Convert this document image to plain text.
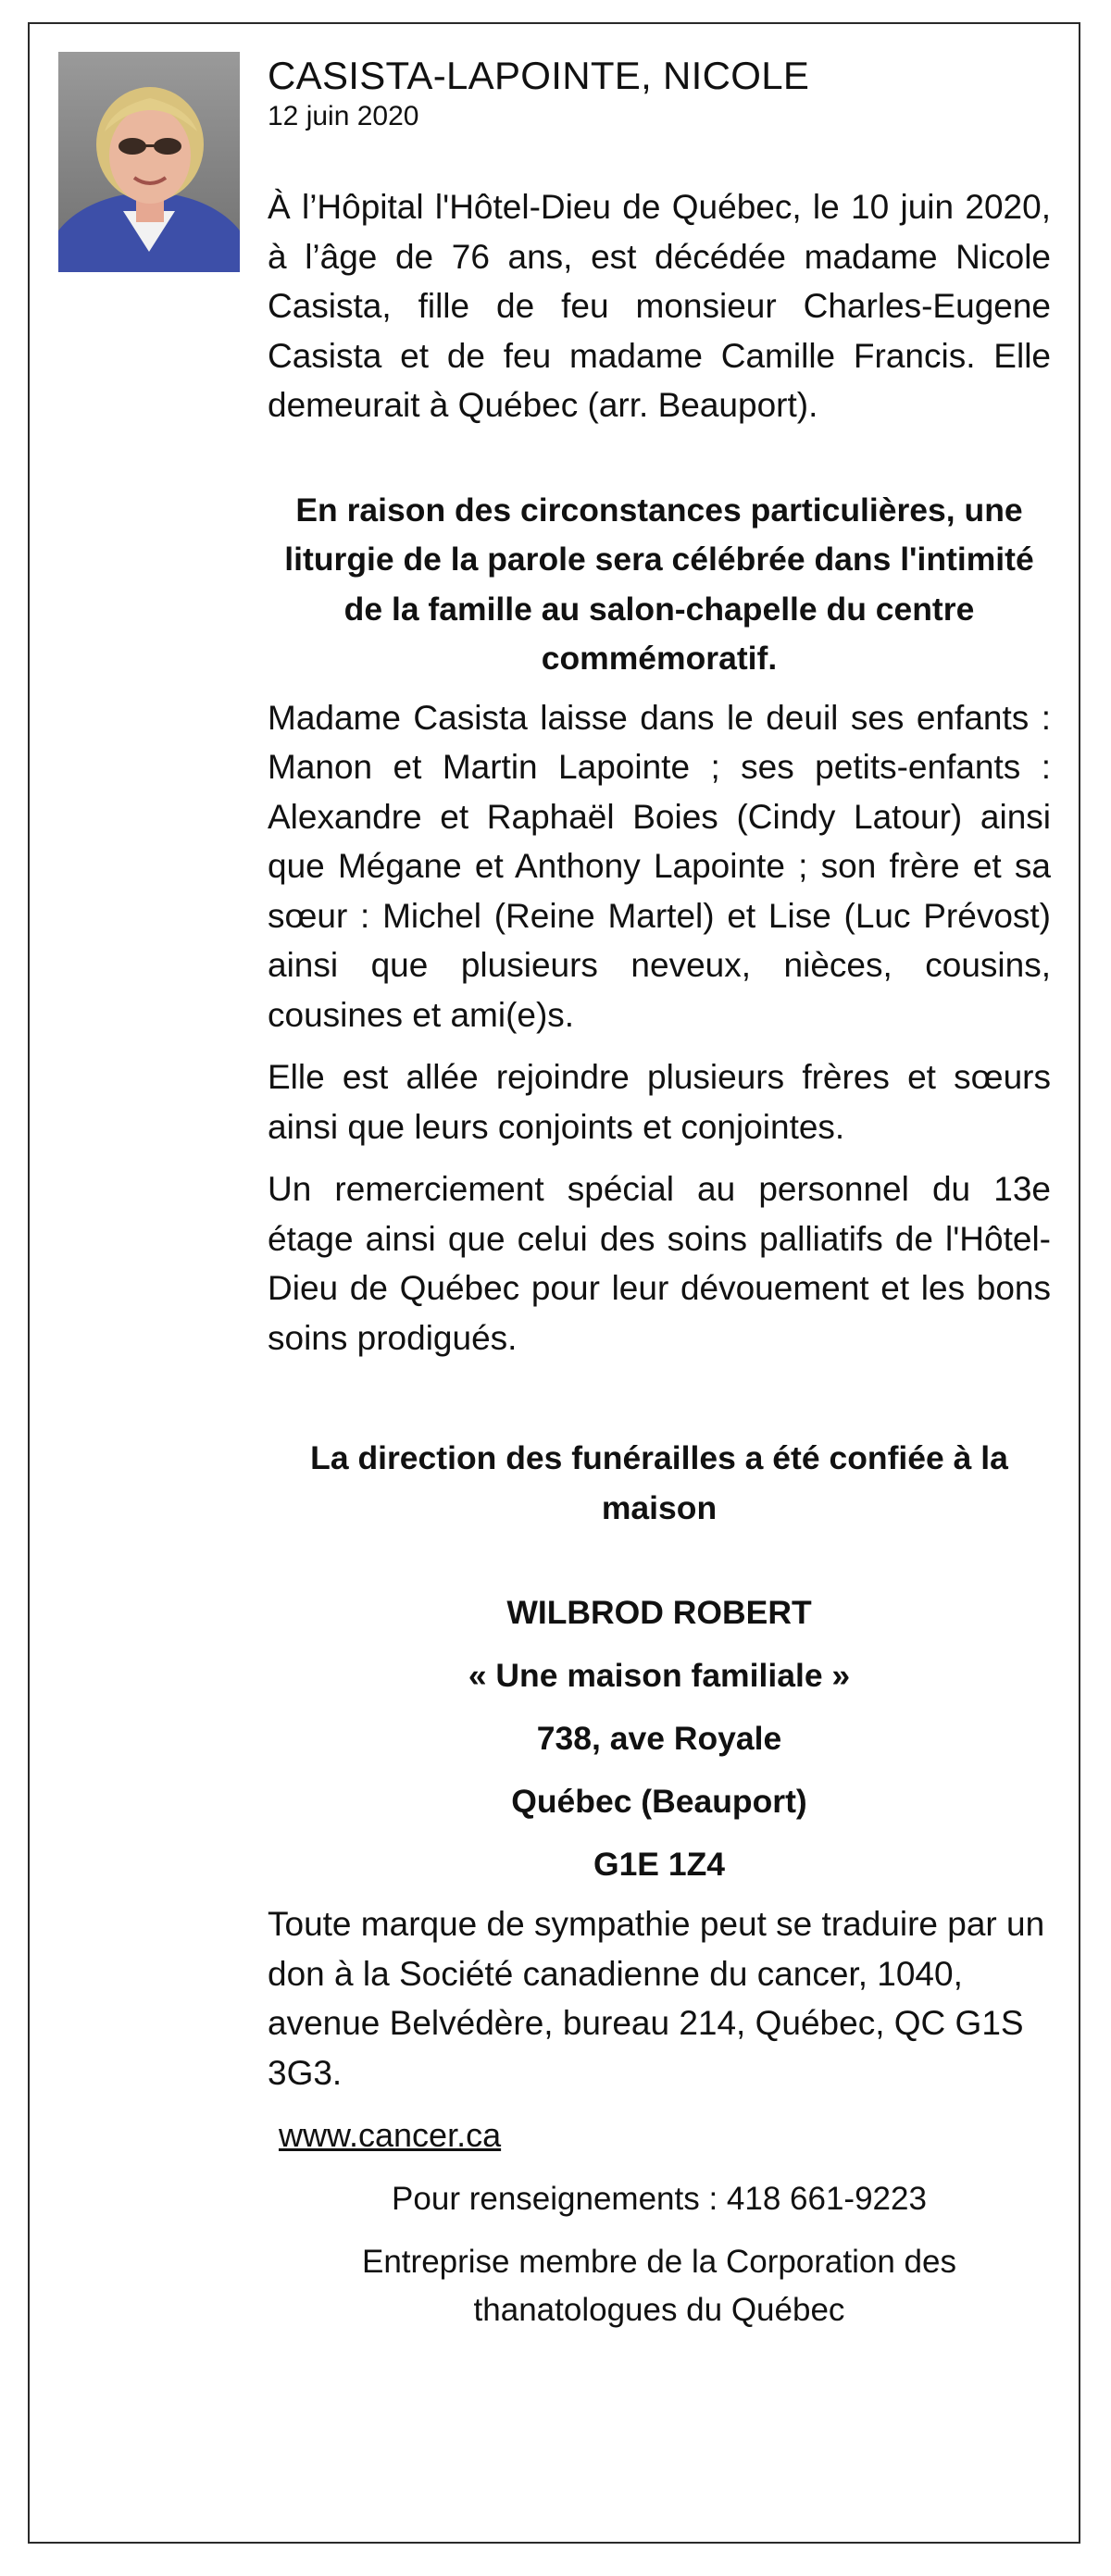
CASISTA-LAPOINTE, NICOLE

12 juin 2020

À l’Hôpital l'Hôtel-Dieu de Québec, le 10 juin 2020, à l’âge de 76 ans, est décédée madame Nicole Casista, fille de feu monsieur Charles-Eugene Casista et de feu madame Camille Francis. Elle demeurait à Québec (arr. Beauport).

En raison des circonstances particulières, une liturgie de la parole sera célébrée dans l'intimité de la famille au salon-chapelle du centre commémoratif.

Madame Casista laisse dans le deuil ses enfants : Manon et Martin Lapointe ; ses petits-enfants : Alexandre et Raphaël Boies (Cindy Latour) ainsi que Mégane et Anthony Lapointe ; son frère et sa sœur : Michel (Reine Martel) et Lise (Luc Prévost) ainsi que plusieurs neveux, nièces, cousins, cousines et ami(e)s.

Elle est allée rejoindre plusieurs frères et sœurs ainsi que leurs conjoints et conjointes.

Un remerciement spécial au personnel du 13e étage ainsi que celui des soins palliatifs de l'Hôtel-Dieu de Québec pour leur dévouement et les bons soins prodigués.

La direction des funérailles a été confiée à la maison

WILBROD ROBERT

« Une maison familiale »

738, ave Royale

Québec (Beauport)

G1E 1Z4

Toute marque de sympathie peut se traduire par un don à la Société canadienne du cancer, 1040, avenue Belvédère, bureau 214, Québec, QC G1S 3G3.

www.cancer.ca

Pour renseignements : 418 661-9223

Entreprise membre de la Corporation des thanatologues du Québec
